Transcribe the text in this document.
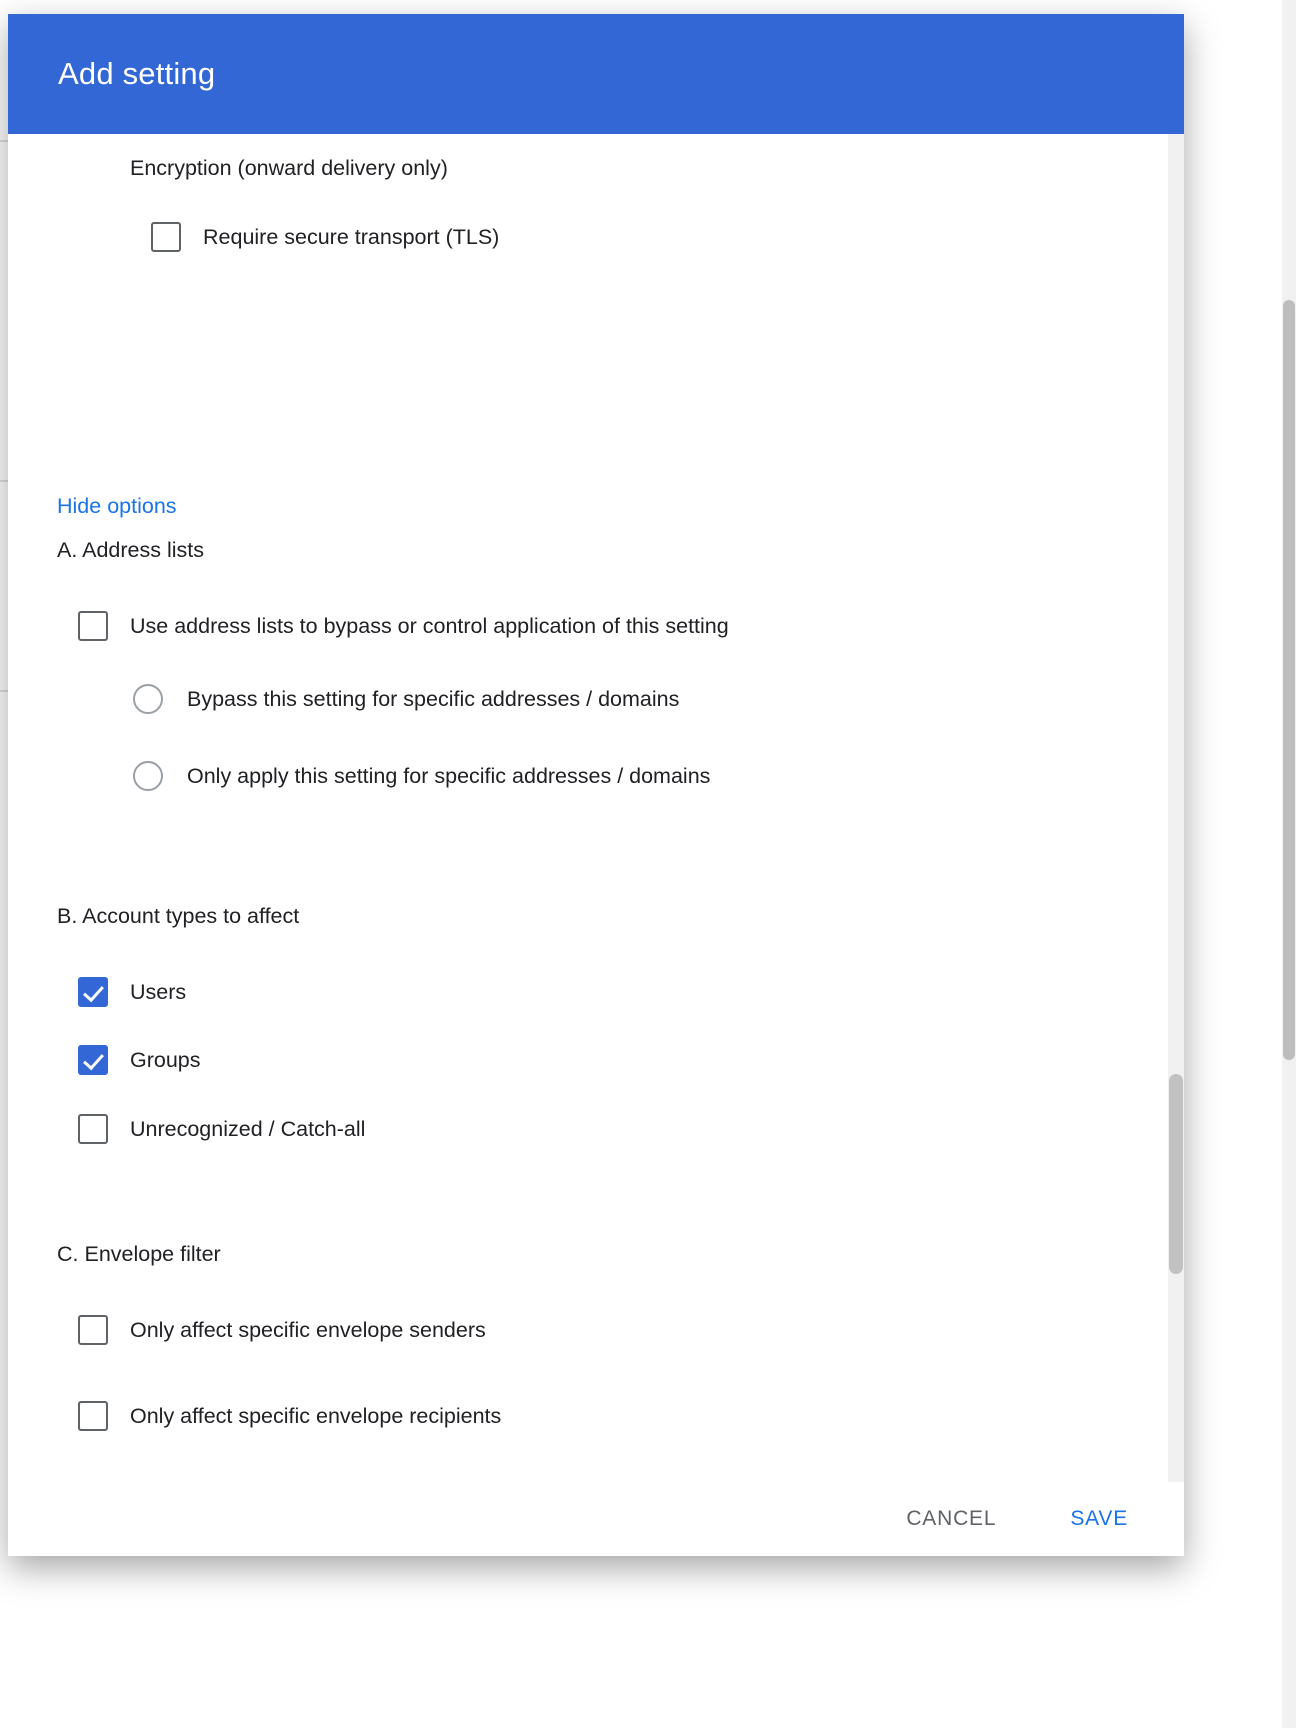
Add setting
Encryption (onward delivery only)
Require secure transport (TLS)
Hide options
A. Address lists
Use address lists to bypass or control application of this setting
Bypass this setting for specific addresses / domains
Only apply this setting for specific addresses / domains
B. Account types to affect
Users
Groups
Unrecognized / Catch-all
C. Envelope filter
Only affect specific envelope senders
Only affect specific envelope recipients
CANCEL	SAVE
